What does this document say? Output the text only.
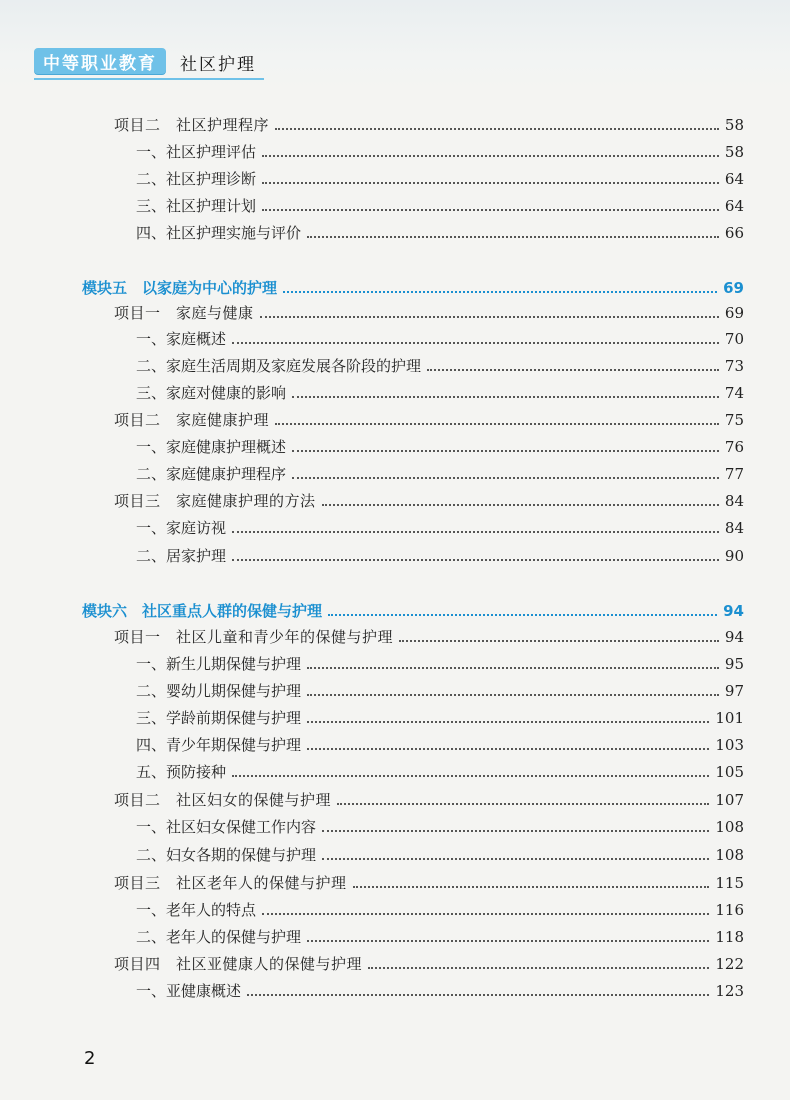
中等职业教育	社区护理
项目二　社区护理程序	58
一、社区护理评估	58
二、社区护理诊断	64
三、社区护理计划	64
四、社区护理实施与评价	66
模块五　以家庭为中心的护理	69
项目一　家庭与健康	69
一、家庭概述	70
二、家庭生活周期及家庭发展各阶段的护理	73
三、家庭对健康的影响	74
项目二　家庭健康护理	75
一、家庭健康护理概述	76
二、家庭健康护理程序	77
项目三　家庭健康护理的方法	84
一、家庭访视	84
二、居家护理	90
模块六　社区重点人群的保健与护理	94
项目一　社区儿童和青少年的保健与护理	94
一、新生儿期保健与护理	95
二、婴幼儿期保健与护理	97
三、学龄前期保健与护理	101
四、青少年期保健与护理	103
五、预防接种	105
项目二　社区妇女的保健与护理	107
一、社区妇女保健工作内容	108
二、妇女各期的保健与护理	108
项目三　社区老年人的保健与护理	115
一、老年人的特点	116
二、老年人的保健与护理	118
项目四　社区亚健康人的保健与护理	122
一、亚健康概述	123
2
